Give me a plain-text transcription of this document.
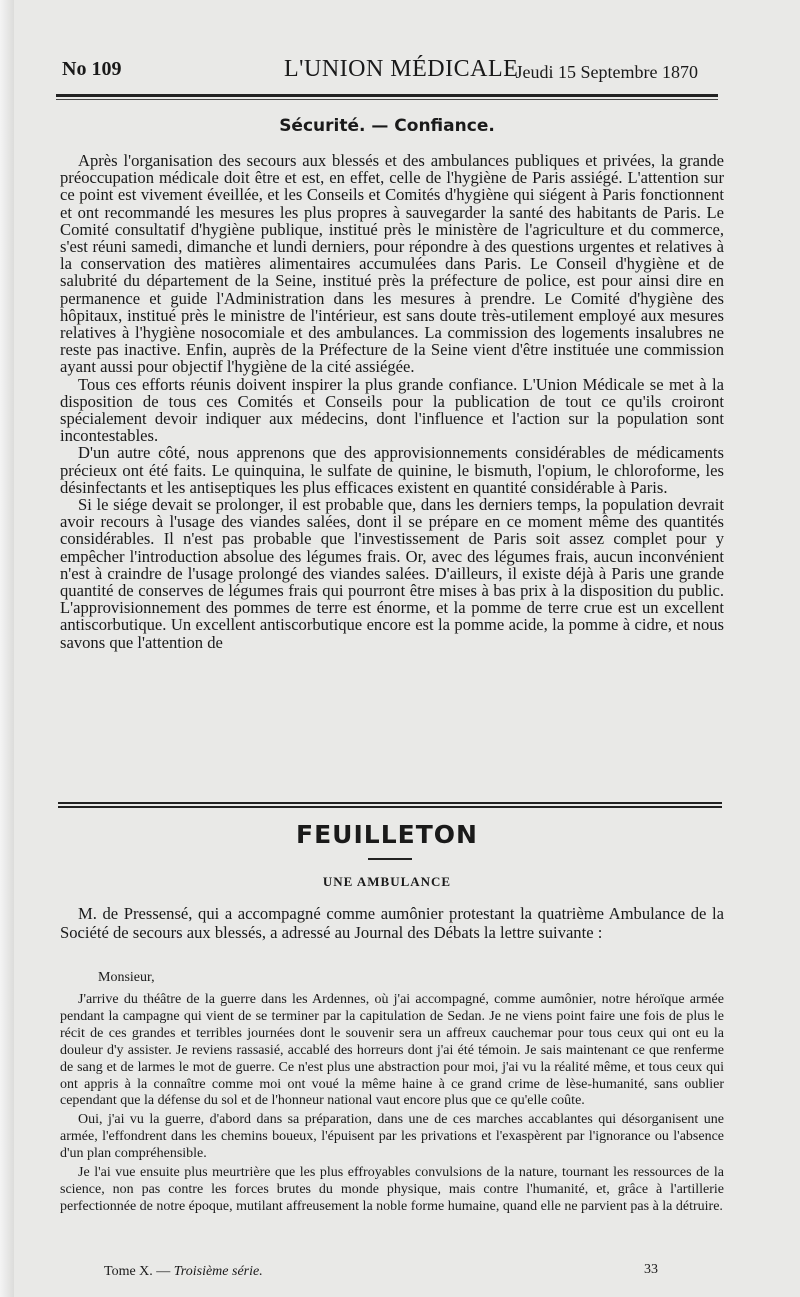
No 109	L'UNION MÉDICALE
Jeudi 15 Septembre 1870
Sécurité. — Confiance.

Après l'organisation des secours aux blessés et des ambulances publiques et privées, la grande préoccupation médicale doit être et est, en effet, celle de l'hygiène de Paris assiégé. L'attention sur ce point est vivement éveillée, et les Conseils et Comités d'hygiène qui siégent à Paris fonctionnent et ont recommandé les mesures les plus propres à sauvegarder la santé des habitants de Paris. Le Comité consultatif d'hygiène publique, institué près le ministère de l'agriculture et du commerce, s'est réuni samedi, dimanche et lundi derniers, pour répondre à des questions urgentes et relatives à la conservation des matières alimentaires accumulées dans Paris. Le Conseil d'hygiène et de salubrité du département de la Seine, institué près la préfecture de police, est pour ainsi dire en permanence et guide l'Administration dans les mesures à prendre. Le Comité d'hygiène des hôpitaux, institué près le ministre de l'intérieur, est sans doute très-utilement employé aux mesures relatives à l'hygiène nosocomiale et des ambulances. La commission des logements insalubres ne reste pas inactive. Enfin, auprès de la Préfecture de la Seine vient d'être instituée une commission ayant aussi pour objectif l'hygiène de la cité assiégée.

Tous ces efforts réunis doivent inspirer la plus grande confiance. L'Union Médicale se met à la disposition de tous ces Comités et Conseils pour la publication de tout ce qu'ils croiront spécialement devoir indiquer aux médecins, dont l'influence et l'action sur la population sont incontestables.

D'un autre côté, nous apprenons que des approvisionnements considérables de médicaments précieux ont été faits. Le quinquina, le sulfate de quinine, le bismuth, l'opium, le chloroforme, les désinfectants et les antiseptiques les plus efficaces existent en quantité considérable à Paris.

Si le siége devait se prolonger, il est probable que, dans les derniers temps, la population devrait avoir recours à l'usage des viandes salées, dont il se prépare en ce moment même des quantités considérables. Il n'est pas probable que l'investissement de Paris soit assez complet pour y empêcher l'introduction absolue des légumes frais. Or, avec des légumes frais, aucun inconvénient n'est à craindre de l'usage prolongé des viandes salées. D'ailleurs, il existe déjà à Paris une grande quantité de conserves de légumes frais qui pourront être mises à bas prix à la disposition du public. L'approvisionnement des pommes de terre est énorme, et la pomme de terre crue est un excellent antiscorbutique. Un excellent antiscorbutique encore est la pomme acide, la pomme à cidre, et nous savons que l'attention de

FEUILLETON
UNE AMBULANCE

M. de Pressensé, qui a accompagné comme aumônier protestant la quatrième Ambulance de la Société de secours aux blessés, a adressé au Journal des Débats la lettre suivante :

Monsieur,

J'arrive du théâtre de la guerre dans les Ardennes, où j'ai accompagné, comme aumônier, notre héroïque armée pendant la campagne qui vient de se terminer par la capitulation de Sedan. Je ne viens point faire une fois de plus le récit de ces grandes et terribles journées dont le souvenir sera un affreux cauchemar pour tous ceux qui ont eu la douleur d'y assister. Je reviens rassasié, accablé des horreurs dont j'ai été témoin. Je sais maintenant ce que renferme de sang et de larmes le mot de guerre. Ce n'est plus une abstraction pour moi, j'ai vu la réalité même, et tous ceux qui ont appris à la connaître comme moi ont voué la même haine à ce grand crime de lèse-humanité, sans oublier cependant que la défense du sol et de l'honneur national vaut encore plus que ce qu'elle coûte.

Oui, j'ai vu la guerre, d'abord dans sa préparation, dans une de ces marches accablantes qui désorganisent une armée, l'effondrent dans les chemins boueux, l'épuisent par les privations et l'exaspèrent par l'ignorance ou l'absence d'un plan compréhensible.

Je l'ai vue ensuite plus meurtrière que les plus effroyables convulsions de la nature, tournant les ressources de la science, non pas contre les forces brutes du monde physique, mais contre l'humanité, et, grâce à l'artillerie perfectionnée de notre époque, mutilant affreusement la noble forme humaine, quand elle ne parvient pas à la détruire.

Tome X. — Troisième série.	33
